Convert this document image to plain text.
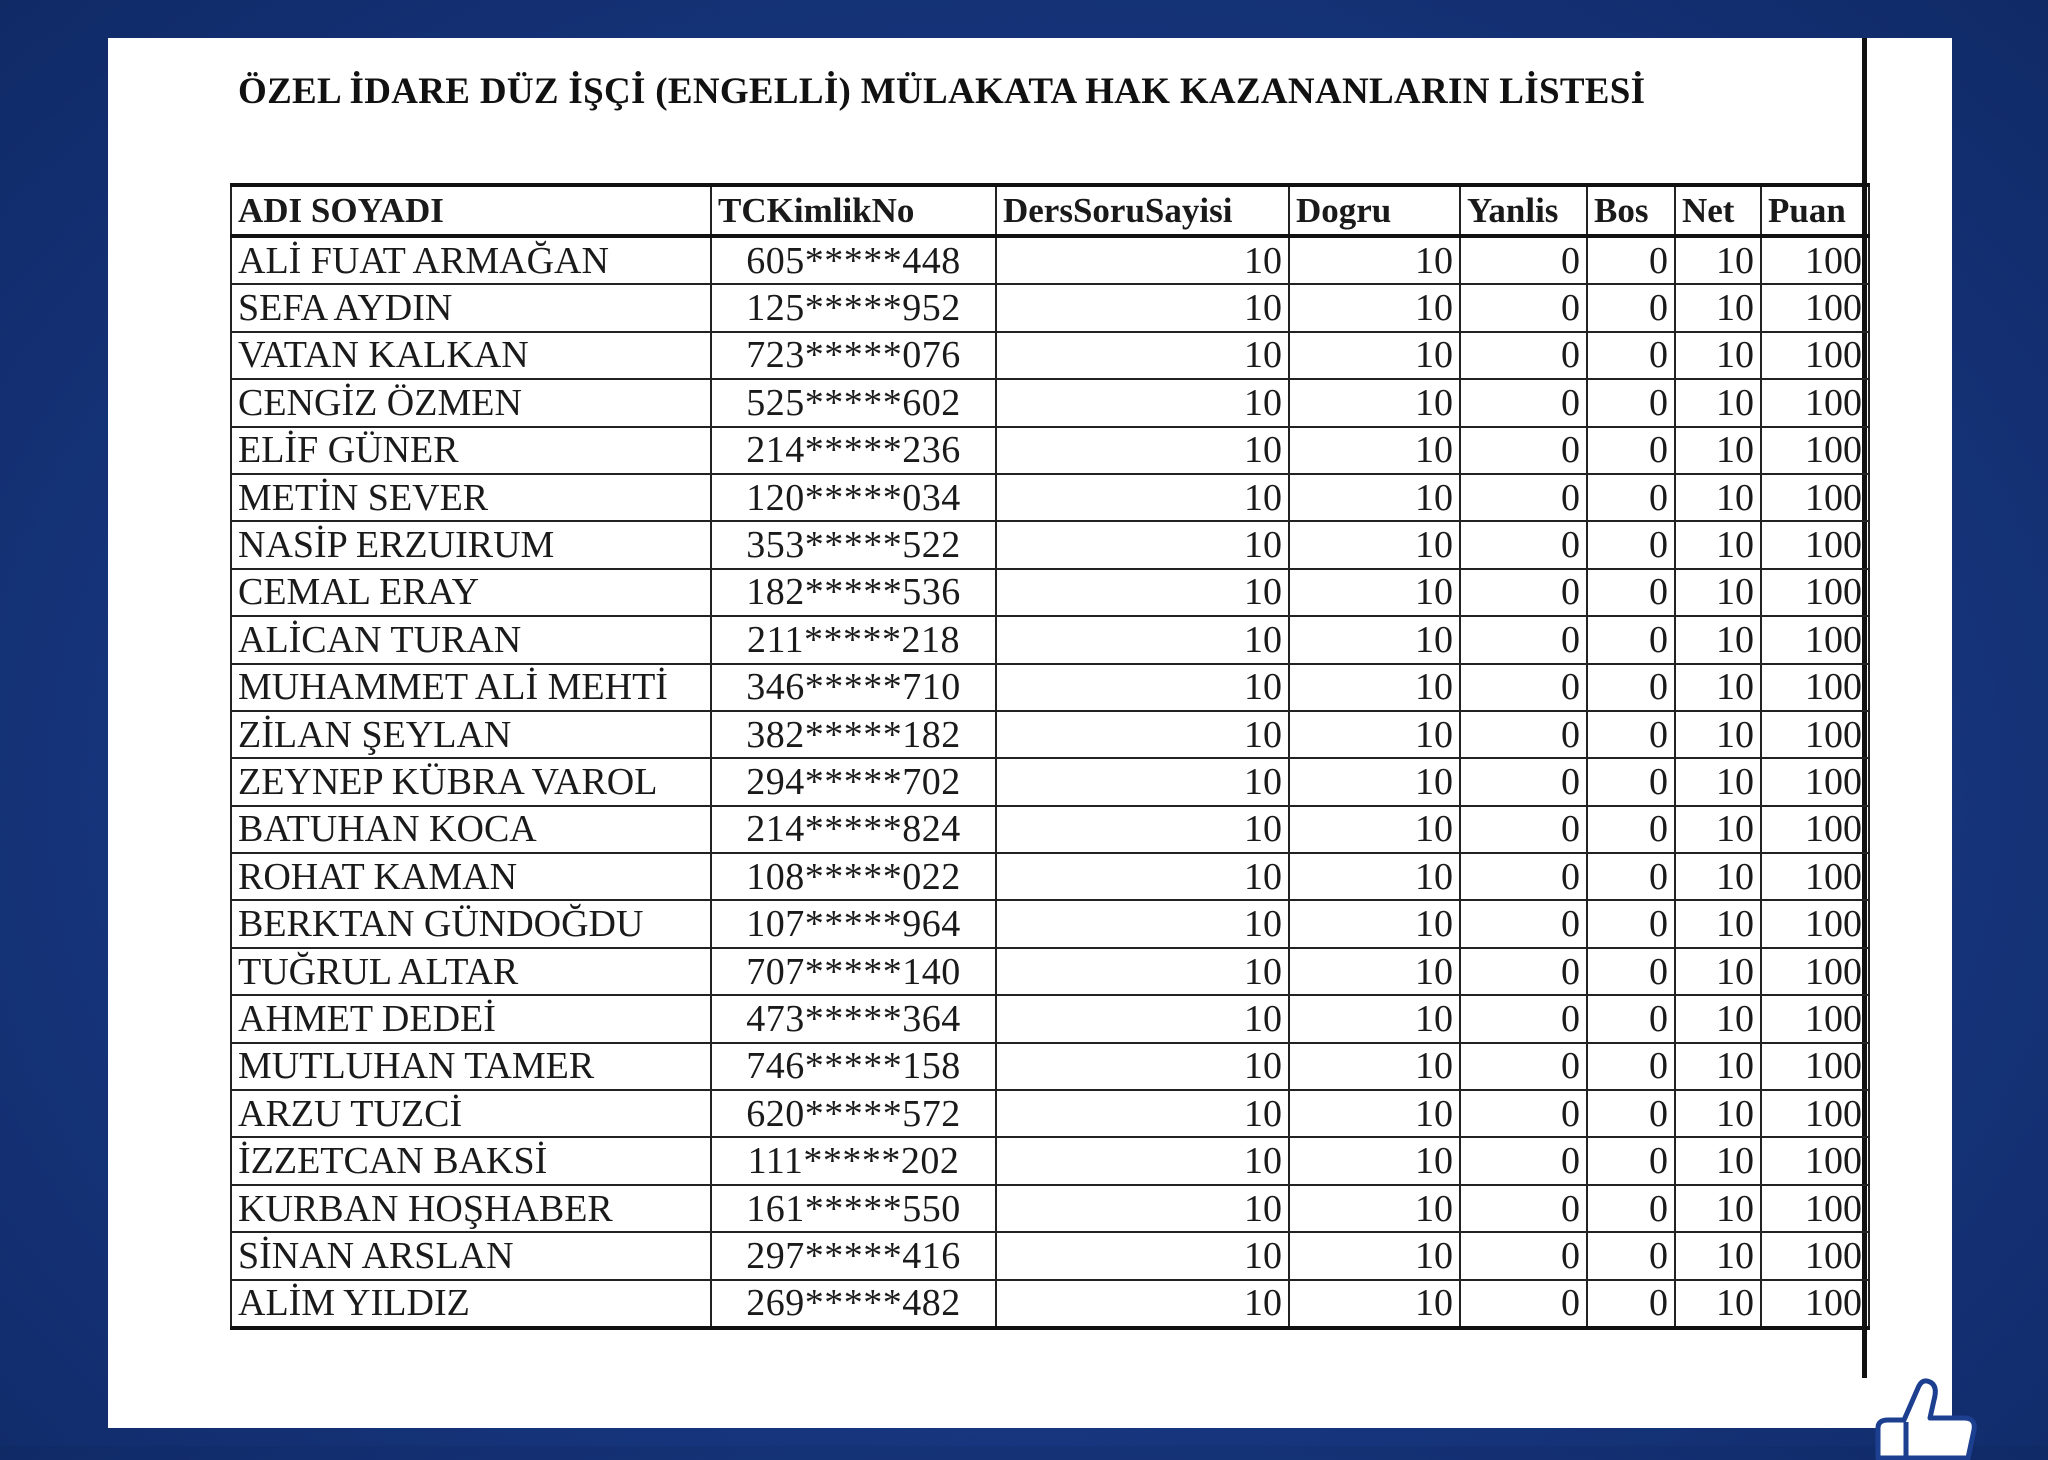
ÖZEL İDARE DÜZ İŞÇİ (ENGELLİ) MÜLAKATA HAK KAZANANLARIN LİSTESİ
ADI SOYADI	TCKimlikNo	DersSoruSayisi	Dogru	Yanlis	Bos	Net	Puan
ALİ FUAT ARMAĞAN	605*****448	10	10	0	0	10	100
SEFA AYDIN	125*****952	10	10	0	0	10	100
VATAN KALKAN	723*****076	10	10	0	0	10	100
CENGİZ ÖZMEN	525*****602	10	10	0	0	10	100
ELİF GÜNER	214*****236	10	10	0	0	10	100
METİN SEVER	120*****034	10	10	0	0	10	100
NASİP ERZUIRUM	353*****522	10	10	0	0	10	100
CEMAL ERAY	182*****536	10	10	0	0	10	100
ALİCAN TURAN	211*****218	10	10	0	0	10	100
MUHAMMET ALİ MEHTİ	346*****710	10	10	0	0	10	100
ZİLAN ŞEYLAN	382*****182	10	10	0	0	10	100
ZEYNEP KÜBRA VAROL	294*****702	10	10	0	0	10	100
BATUHAN KOCA	214*****824	10	10	0	0	10	100
ROHAT KAMAN	108*****022	10	10	0	0	10	100
BERKTAN GÜNDOĞDU	107*****964	10	10	0	0	10	100
TUĞRUL ALTAR	707*****140	10	10	0	0	10	100
AHMET DEDEİ	473*****364	10	10	0	0	10	100
MUTLUHAN TAMER	746*****158	10	10	0	0	10	100
ARZU TUZCİ	620*****572	10	10	0	0	10	100
İZZETCAN BAKSİ	111*****202	10	10	0	0	10	100
KURBAN HOŞHABER	161*****550	10	10	0	0	10	100
SİNAN ARSLAN	297*****416	10	10	0	0	10	100
ALİM YILDIZ	269*****482	10	10	0	0	10	100
